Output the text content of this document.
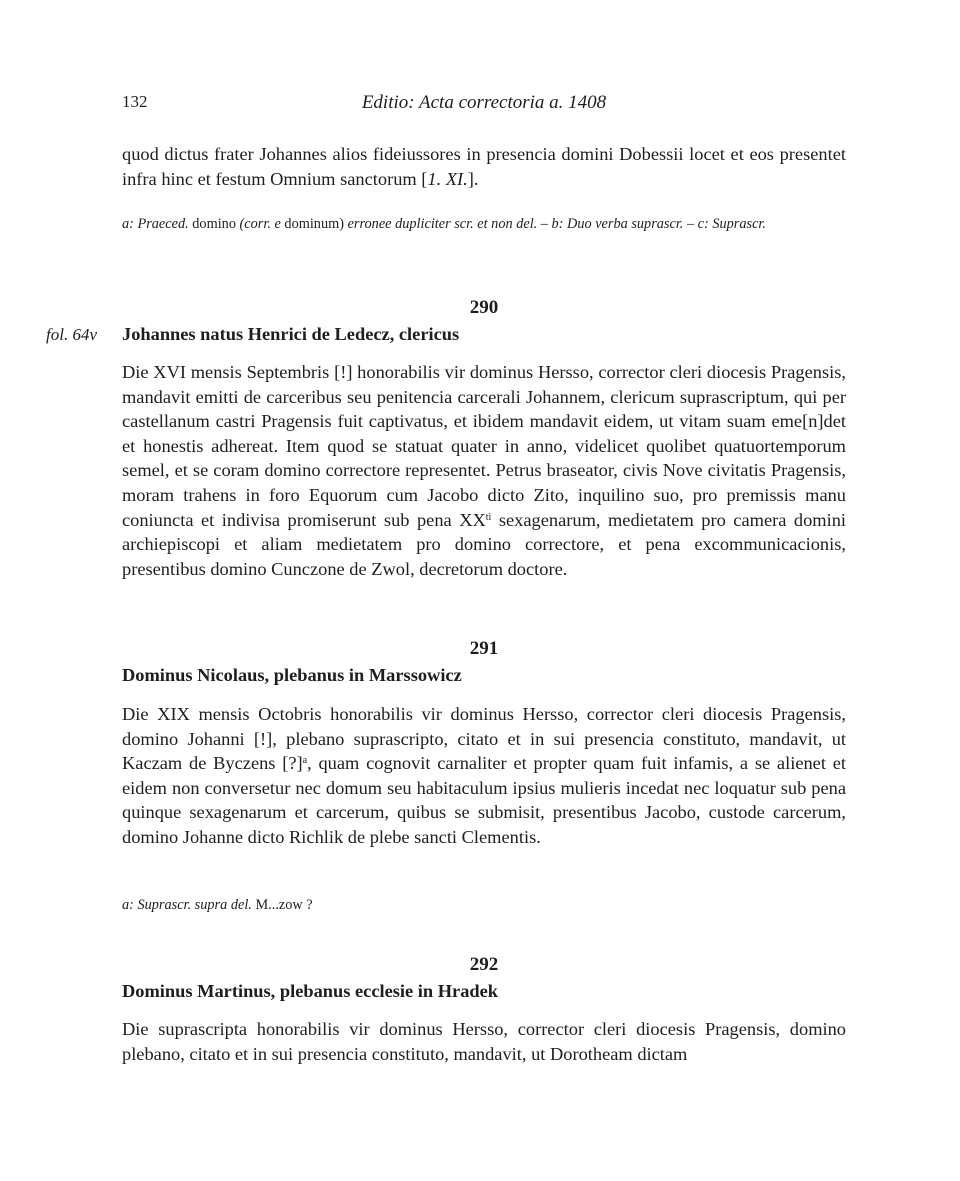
132	Editio: Acta correctoria a. 1408

quod dictus frater Johannes alios fideiussores in presencia domini Dobessii locet et eos presentet infra hinc et festum Omnium sanctorum [1. XI.].

a: Praeced. domino (corr. e dominum) erronee dupliciter scr. et non del. – b: Duo verba suprascr. – c: Suprascr.

290
fol. 64v Johannes natus Henrici de Ledecz, clericus

Die XVI mensis Septembris [!] honorabilis vir dominus Hersso, corrector cleri diocesis Pragensis, mandavit emitti de carceribus seu penitencia carcerali Johannem, clericum suprascriptum, qui per castellanum castri Pragensis fuit captivatus, et ibidem mandavit eidem, ut vitam suam eme[n]det et honestis adhereat. Item quod se statuat quater in anno, videlicet quolibet quatuortemporum semel, et se coram domino correctore representet. Petrus braseator, civis Nove civitatis Pragensis, moram trahens in foro Equorum cum Jacobo dicto Zito, inquilino suo, pro premissis manu coniuncta et indivisa promiserunt sub pena $XX^{ti}$ sexagenarum, medietatem pro camera domini archiepiscopi et aliam medietatem pro domino correctore, et pena excommunicacionis, presentibus domino Cunczone de Zwol, decretorum doctore.

291
Dominus Nicolaus, plebanus in Marssowicz

Die XIX mensis Octobris honorabilis vir dominus Hersso, corrector cleri diocesis Pragensis, domino Johanni [!], plebano suprascripto, citato et in sui presencia constituto, mandavit, ut Kaczam de Byczens [?]$^a$, quam cognovit carnaliter et propter quam fuit infamis, a se alienet et eidem non conversetur nec domum seu habitaculum ipsius mulieris incedat nec loquatur sub pena quinque sexagenarum et carcerum, quibus se submisit, presentibus Jacobo, custode carcerum, domino Johanne dicto Richlik de plebe sancti Clementis.

a: Suprascr. supra del. M...zow ?

292
Dominus Martinus, plebanus ecclesie in Hradek

Die suprascripta honorabilis vir dominus Hersso, corrector cleri diocesis Pragensis, domino plebano, citato et in sui presencia constituto, mandavit, ut Dorotheam dictam
